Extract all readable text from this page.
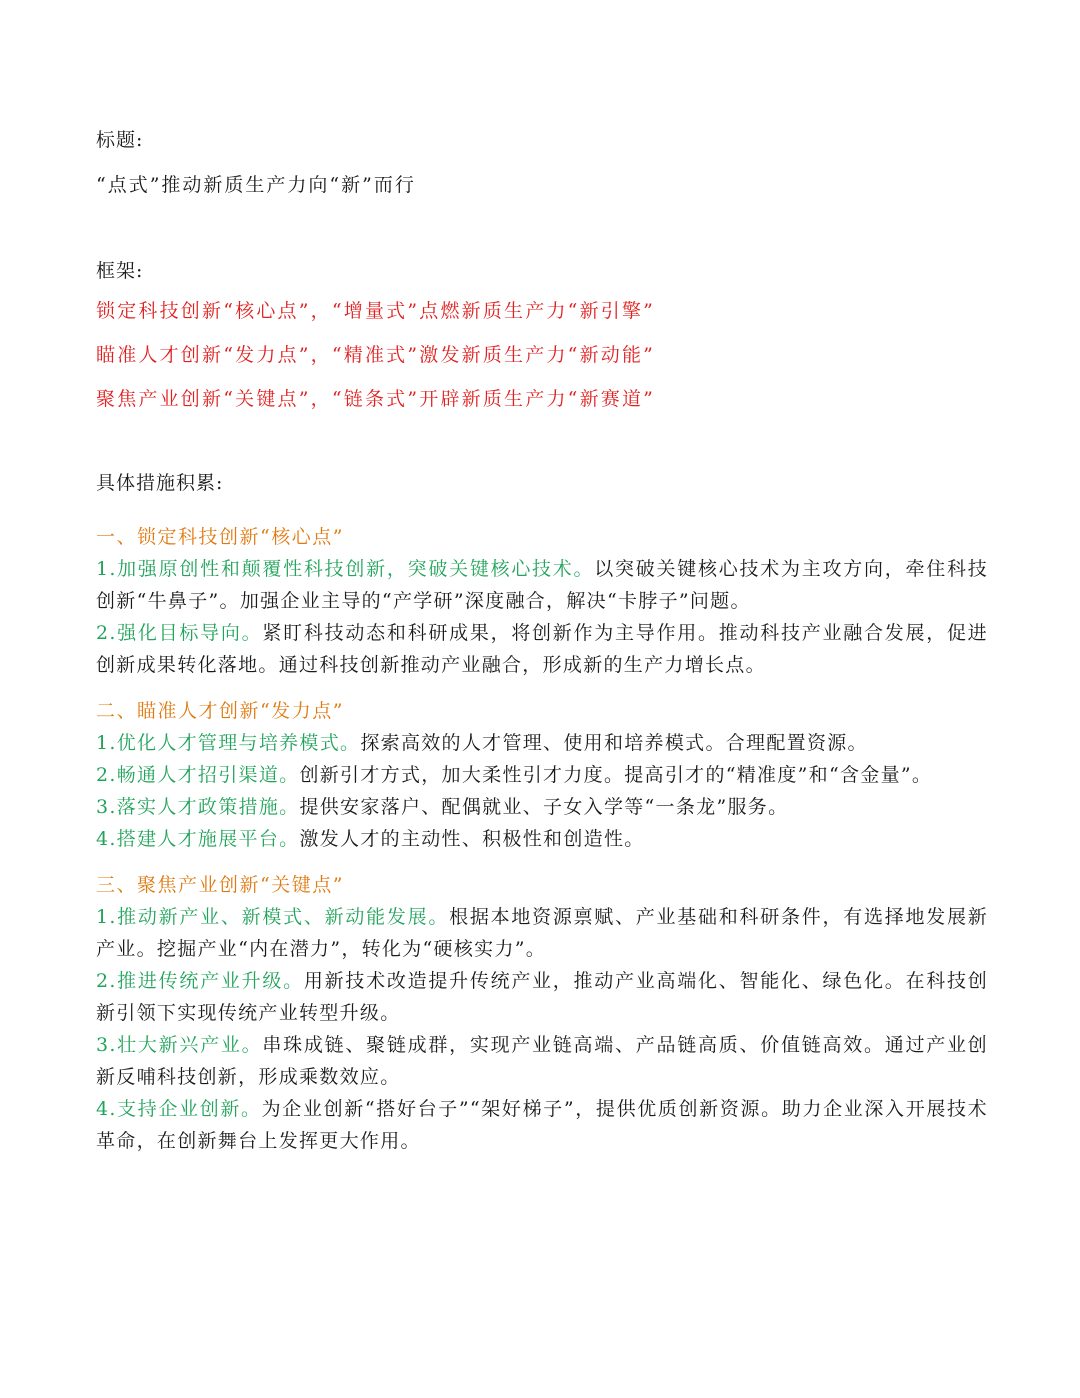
标题:

“点式”推动新质生产力向“新”而行

框架:

锁定科技创新“核心点”，“增量式”点燃新质生产力“新引擎”

瞄准人才创新“发力点”，“精准式”激发新质生产力“新动能”

聚焦产业创新“关键点”，“链条式”开辟新质生产力“新赛道”

具体措施积累:

一、锁定科技创新“核心点”

1.加强原创性和颠覆性科技创新，突破关键核心技术。以突破关键核心技术为主攻方向，牵住科技创新“牛鼻子”。加强企业主导的“产学研”深度融合，解决“卡脖子”问题。

2.强化目标导向。紧盯科技动态和科研成果，将创新作为主导作用。推动科技产业融合发展，促进创新成果转化落地。通过科技创新推动产业融合，形成新的生产力增长点。

二、瞄准人才创新“发力点”

1.优化人才管理与培养模式。探索高效的人才管理、使用和培养模式。合理配置资源。

2.畅通人才招引渠道。创新引才方式，加大柔性引才力度。提高引才的“精准度”和“含金量”。

3.落实人才政策措施。提供安家落户、配偶就业、子女入学等“一条龙”服务。

4.搭建人才施展平台。激发人才的主动性、积极性和创造性。

三、聚焦产业创新“关键点”

1.推动新产业、新模式、新动能发展。根据本地资源禀赋、产业基础和科研条件，有选择地发展新产业。挖掘产业“内在潜力”，转化为“硬核实力”。

2.推进传统产业升级。用新技术改造提升传统产业，推动产业高端化、智能化、绿色化。在科技创新引领下实现传统产业转型升级。

3.壮大新兴产业。串珠成链、聚链成群，实现产业链高端、产品链高质、价值链高效。通过产业创新反哺科技创新，形成乘数效应。

4.支持企业创新。为企业创新“搭好台子”“架好梯子”，提供优质创新资源。助力企业深入开展技术革命，在创新舞台上发挥更大作用。
